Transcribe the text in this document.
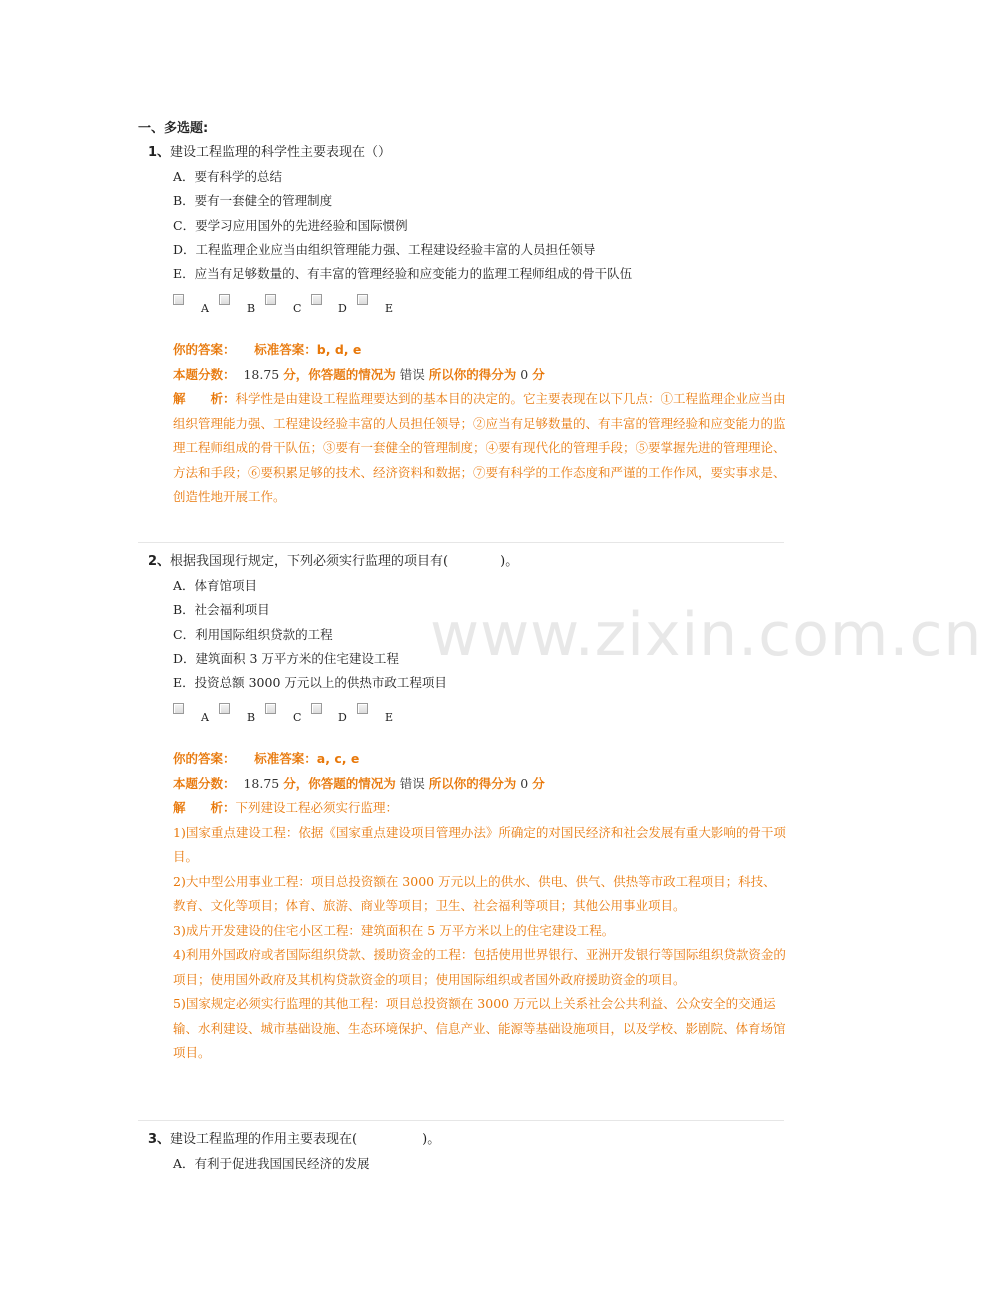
www.zixin.com.cn
一、多选题:
1、建设工程监理的科学性主要表现在（）
A．要有科学的总结
B．要有一套健全的管理制度
C．要学习应用国外的先进经验和国际惯例
D．工程监理企业应当由组织管理能力强、工程建设经验丰富的人员担任领导
E．应当有足够数量的、有丰富的管理经验和应变能力的监理工程师组成的骨干队伍
A	B	C	D	E
你的答案：　　 标准答案：b, d, e
本题分数： 18.75 分，你答题的情况为 错误 所以你的得分为 0 分
解　　析：科学性是由建设工程监理要达到的基本目的决定的。它主要表现在以下几点：①工程监理企业应当由组织管理能力强、工程建设经验丰富的人员担任领导；②应当有足够数量的、有丰富的管理经验和应变能力的监理工程师组成的骨干队伍；③要有一套健全的管理制度；④要有现代化的管理手段；⑤要掌握先进的管理理论、方法和手段；⑥要积累足够的技术、经济资料和数据；⑦要有科学的工作态度和严谨的工作作风，要实事求是、创造性地开展工作。
2、根据我国现行规定，下列必须实行监理的项目有(　　　　)。
A．体育馆项目
B．社会福利项目
C．利用国际组织贷款的工程
D．建筑面积 3 万平方米的住宅建设工程
E．投资总额 3000 万元以上的供热市政工程项目
A	B	C	D	E
你的答案：　　 标准答案：a, c, e
本题分数： 18.75 分，你答题的情况为 错误 所以你的得分为 0 分
解　　析：下列建设工程必须实行监理：
1)国家重点建设工程：依据《国家重点建设项目管理办法》所确定的对国民经济和社会发展有重大影响的骨干项目。
2)大中型公用事业工程：项目总投资额在 3000 万元以上的供水、供电、供气、供热等市政工程项目；科技、教育、文化等项目；体育、旅游、商业等项目；卫生、社会福利等项目；其他公用事业项目。
3)成片开发建设的住宅小区工程：建筑面积在 5 万平方米以上的住宅建设工程。
4)利用外国政府或者国际组织贷款、援助资金的工程：包括使用世界银行、亚洲开发银行等国际组织贷款资金的项目；使用国外政府及其机构贷款资金的项目；使用国际组织或者国外政府援助资金的项目。
5)国家规定必须实行监理的其他工程：项目总投资额在 3000 万元以上关系社会公共利益、公众安全的交通运输、水利建设、城市基础设施、生态环境保护、信息产业、能源等基础设施项目，以及学校、影剧院、体育场馆项目。
3、建设工程监理的作用主要表现在(　　　　　)。
A．有利于促进我国国民经济的发展
